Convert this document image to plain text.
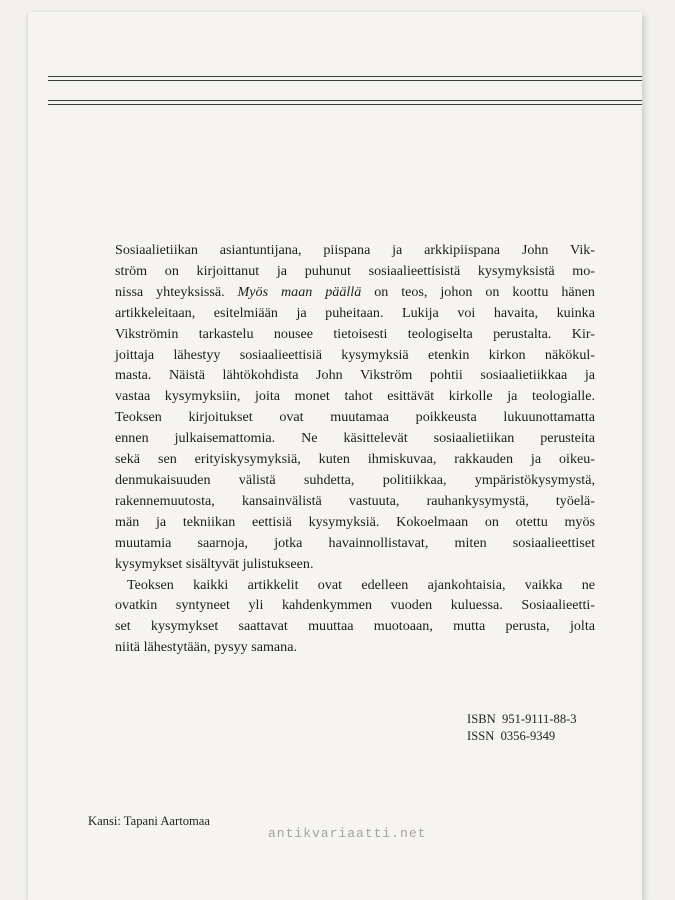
Sosiaalietiikan asiantuntijana, piispana ja arkkipiispana John Vik-
ström on kirjoittanut ja puhunut sosiaalieettisistä kysymyksistä mo-
nissa yhteyksissä. Myös maan päällä on teos, johon on koottu hänen
artikkeleitaan, esitelmiään ja puheitaan. Lukija voi havaita, kuinka
Vikströmin tarkastelu nousee tietoisesti teologiselta perustalta. Kir-
joittaja lähestyy sosiaalieettisiä kysymyksiä etenkin kirkon näkökul-
masta. Näistä lähtökohdista John Vikström pohtii sosiaalietiikkaa ja
vastaa kysymyksiin, joita monet tahot esittävät kirkolle ja teologialle.
Teoksen kirjoitukset ovat muutamaa poikkeusta lukuunottamatta
ennen julkaisemattomia. Ne käsittelevät sosiaalietiikan perusteita
sekä sen erityiskysymyksiä, kuten ihmiskuvaa, rakkauden ja oikeu-
denmukaisuuden välistä suhdetta, politiikkaa, ympäristökysymystä,
rakennemuutosta, kansainvälistä vastuuta, rauhankysymystä, työelä-
män ja tekniikan eettisiä kysymyksiä. Kokoelmaan on otettu myös
muutamia saarnoja, jotka havainnollistavat, miten sosiaalieettiset
kysymykset sisältyvät julistukseen.

Teoksen kaikki artikkelit ovat edelleen ajankohtaisia, vaikka ne
ovatkin syntyneet yli kahdenkymmen vuoden kuluessa. Sosiaalieetti-
set kysymykset saattavat muuttaa muotoaan, mutta perusta, jolta
niitä lähestytään, pysyy samana.

ISBN  951-9111-88-3
ISSN  0356-9349
Kansi: Tapani Aartomaa
antikvariaatti.net
